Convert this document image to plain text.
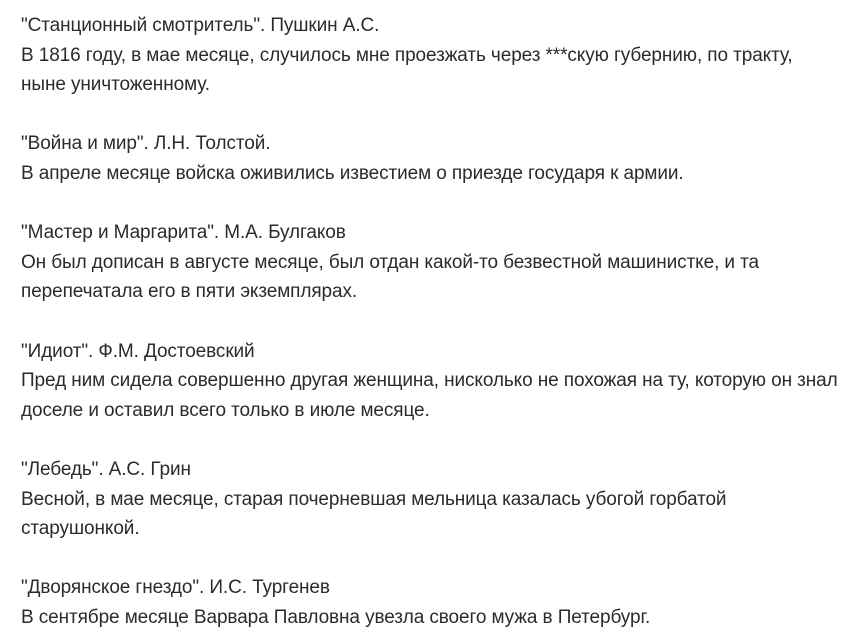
"Станционный смотритель". Пушкин А.С.
В 1816 году, в мае месяце, случилось мне проезжать через ***скую губернию, по тракту, ныне уничтоженному.
"Война и мир". Л.Н. Толстой.
В апреле месяце войска оживились известием о приезде государя к армии.
"Мастер и Маргарита". М.А. Булгаков
Он был дописан в августе месяце, был отдан какой-то безвестной машинистке, и та перепечатала его в пяти экземплярах.
"Идиот". Ф.М. Достоевский
Пред ним сидела совершенно другая женщина, нисколько не похожая на ту, которую он знал доселе и оставил всего только в июле месяце.
"Лебедь". А.С. Грин
Весной, в мае месяце, старая почерневшая мельница казалась убогой горбатой старушонкой.
"Дворянское гнездо". И.С. Тургенев
В сентябре месяце Варвара Павловна увезла своего мужа в Петербург.
